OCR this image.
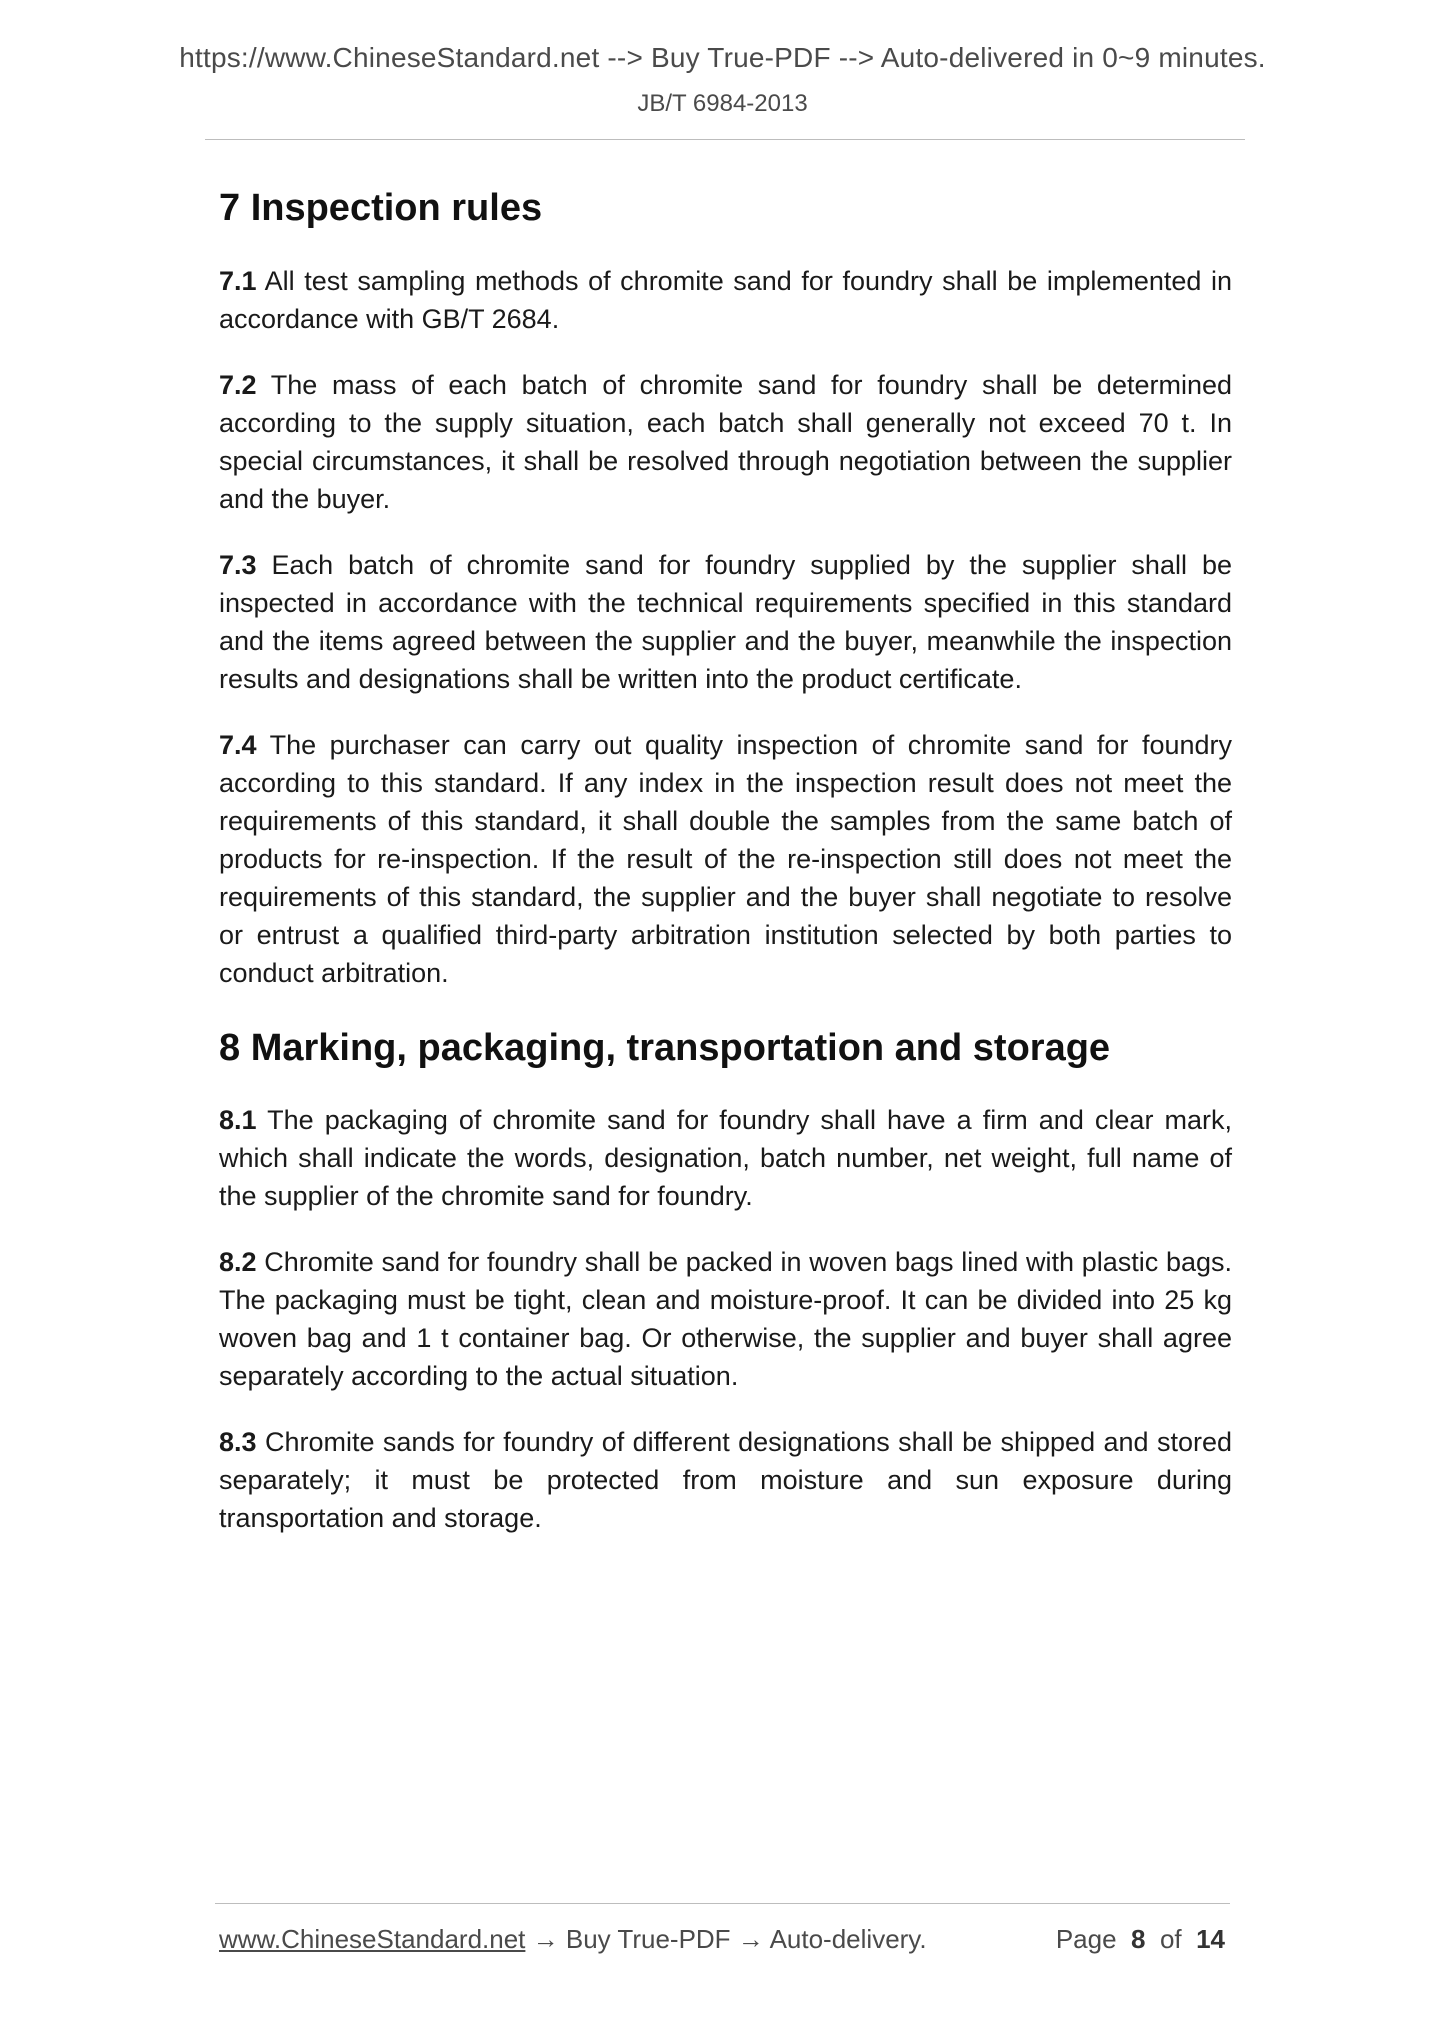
https://www.ChineseStandard.net --> Buy True-PDF --> Auto-delivered in 0~9 minutes.
JB/T 6984-2013
7 Inspection rules

7.1 All test sampling methods of chromite sand for foundry shall be implemented in accordance with GB/T 2684.

7.2 The mass of each batch of chromite sand for foundry shall be determined according to the supply situation, each batch shall generally not exceed 70 t. In special circumstances, it shall be resolved through negotiation between the supplier and the buyer.

7.3 Each batch of chromite sand for foundry supplied by the supplier shall be inspected in accordance with the technical requirements specified in this standard and the items agreed between the supplier and the buyer, meanwhile the inspection results and designations shall be written into the product certificate.

7.4 The purchaser can carry out quality inspection of chromite sand for foundry according to this standard. If any index in the inspection result does not meet the requirements of this standard, it shall double the samples from the same batch of products for re-inspection. If the result of the re-inspection still does not meet the requirements of this standard, the supplier and the buyer shall negotiate to resolve or entrust a qualified third-party arbitration institution selected by both parties to conduct arbitration.

8 Marking, packaging, transportation and storage

8.1 The packaging of chromite sand for foundry shall have a firm and clear mark, which shall indicate the words, designation, batch number, net weight, full name of the supplier of the chromite sand for foundry.

8.2 Chromite sand for foundry shall be packed in woven bags lined with plastic bags. The packaging must be tight, clean and moisture-proof. It can be divided into 25 kg woven bag and 1 t container bag. Or otherwise, the supplier and buyer shall agree separately according to the actual situation.

8.3 Chromite sands for foundry of different designations shall be shipped and stored separately; it must be protected from moisture and sun exposure during transportation and storage.

www.ChineseStandard.net → Buy True-PDF → Auto-delivery.	Page 8 of 14
